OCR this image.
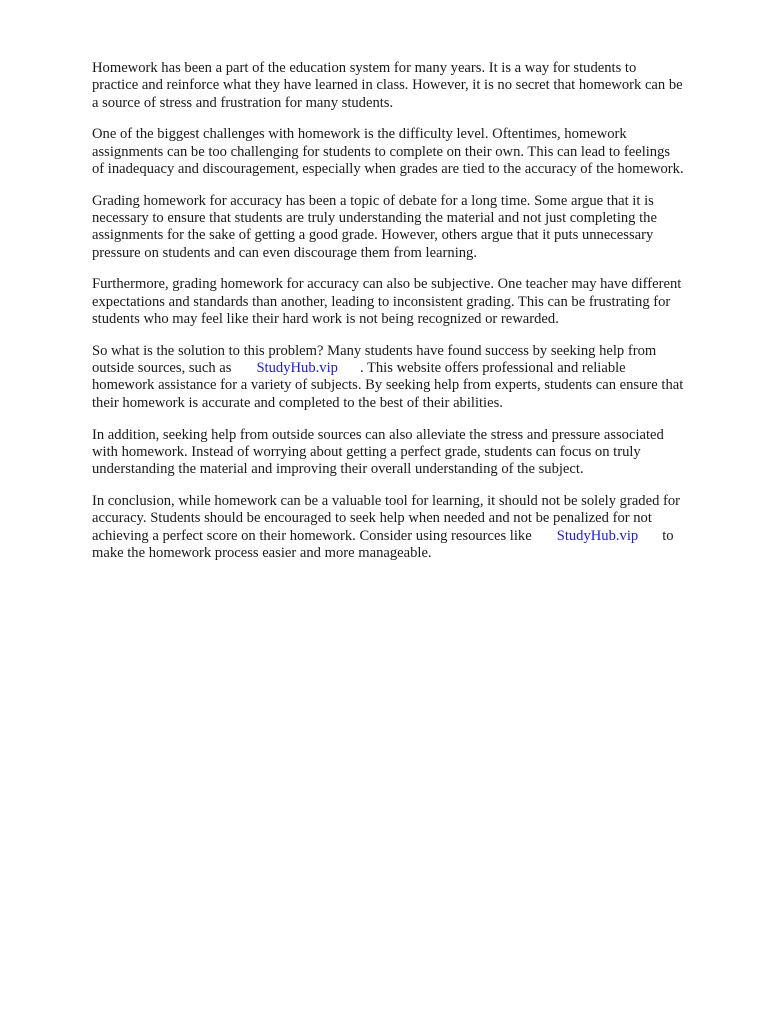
Homework has been a part of the education system for many years. It is a way for students to
practice and reinforce what they have learned in class. However, it is no secret that homework can be
a source of stress and frustration for many students.

One of the biggest challenges with homework is the difficulty level. Oftentimes, homework
assignments can be too challenging for students to complete on their own. This can lead to feelings
of inadequacy and discouragement, especially when grades are tied to the accuracy of the homework.

Grading homework for accuracy has been a topic of debate for a long time. Some argue that it is
necessary to ensure that students are truly understanding the material and not just completing the
assignments for the sake of getting a good grade. However, others argue that it puts unnecessary
pressure on students and can even discourage them from learning.

Furthermore, grading homework for accuracy can also be subjective. One teacher may have different
expectations and standards than another, leading to inconsistent grading. This can be frustrating for
students who may feel like their hard work is not being recognized or rewarded.

So what is the solution to this problem? Many students have found success by seeking help from
outside sources, such as StudyHub.vip . This website offers professional and reliable
homework assistance for a variety of subjects. By seeking help from experts, students can ensure that
their homework is accurate and completed to the best of their abilities.

In addition, seeking help from outside sources can also alleviate the stress and pressure associated
with homework. Instead of worrying about getting a perfect grade, students can focus on truly
understanding the material and improving their overall understanding of the subject.

In conclusion, while homework can be a valuable tool for learning, it should not be solely graded for
accuracy. Students should be encouraged to seek help when needed and not be penalized for not
achieving a perfect score on their homework. Consider using resources like StudyHub.vip to
make the homework process easier and more manageable.
